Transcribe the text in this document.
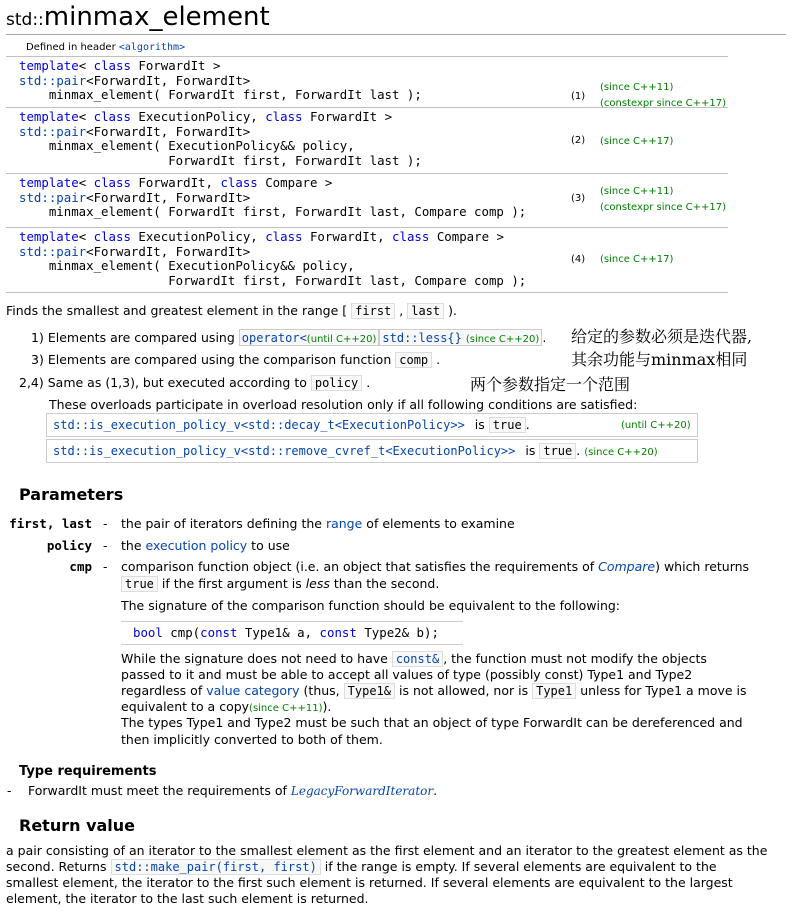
std::minmax_element
Defined in header <algorithm>
template< class ForwardIt >
std::pair<ForwardIt, ForwardIt>
minmax_element( ForwardIt first, ForwardIt last );	(1)
(since C++11)
(constexpr since C++17)
template< class ExecutionPolicy, class ForwardIt >
std::pair<ForwardIt, ForwardIt>
minmax_element( ExecutionPolicy&& policy,
ForwardIt first, ForwardIt last );
(2) (since C++17)
template< class ForwardIt, class Compare >
std::pair<ForwardIt, ForwardIt>
minmax_element( ForwardIt first, ForwardIt last, Compare comp );
(3)
(since C++11)
(constexpr since C++17)
template< class ExecutionPolicy, class ForwardIt, class Compare >
std::pair<ForwardIt, ForwardIt>
minmax_element( ExecutionPolicy&& policy,
ForwardIt first, ForwardIt last, Compare comp );
(4) (since C++17)
Finds the smallest and greatest element in the range [ first , last ).
1) Elements are compared using operator<(until C++20) std::less{} (since C++20) .
3) Elements are compared using the comparison function comp .
2,4) Same as (1,3), but executed according to policy .
These overloads participate in overload resolution only if all following conditions are satisfied:
std::is_execution_policy_v<std::decay_t<ExecutionPolicy>> is true .	(until C++20)
std::is_execution_policy_v<std::remove_cvref_t<ExecutionPolicy>> is true . (since C++20)
给定的参数必须是迭代器,
其余功能与minmax相同
两个参数指定一个范围
Parameters
first, last - the pair of iterators defining the range of elements to examine
policy - the execution policy to use
cmp - comparison function object (i.e. an object that satisfies the requirements of Compare) which returns
true if the first argument is less than the second.
The signature of the comparison function should be equivalent to the following:
bool cmp(const Type1& a, const Type2& b);
While the signature does not need to have const& , the function must not modify the objects
passed to it and must be able to accept all values of type (possibly const) Type1 and Type2
regardless of value category (thus, Type1& is not allowed, nor is Type1 unless for Type1 a move is
equivalent to a copy(since C++11)).
The types Type1 and Type2 must be such that an object of type ForwardIt can be dereferenced and
then implicitly converted to both of them.
Type requirements
- ForwardIt must meet the requirements of LegacyForwardIterator.
Return value
a pair consisting of an iterator to the smallest element as the first element and an iterator to the greatest element as the
second. Returns std::make_pair(first, first) if the range is empty. If several elements are equivalent to the
smallest element, the iterator to the first such element is returned. If several elements are equivalent to the largest
element, the iterator to the last such element is returned.
